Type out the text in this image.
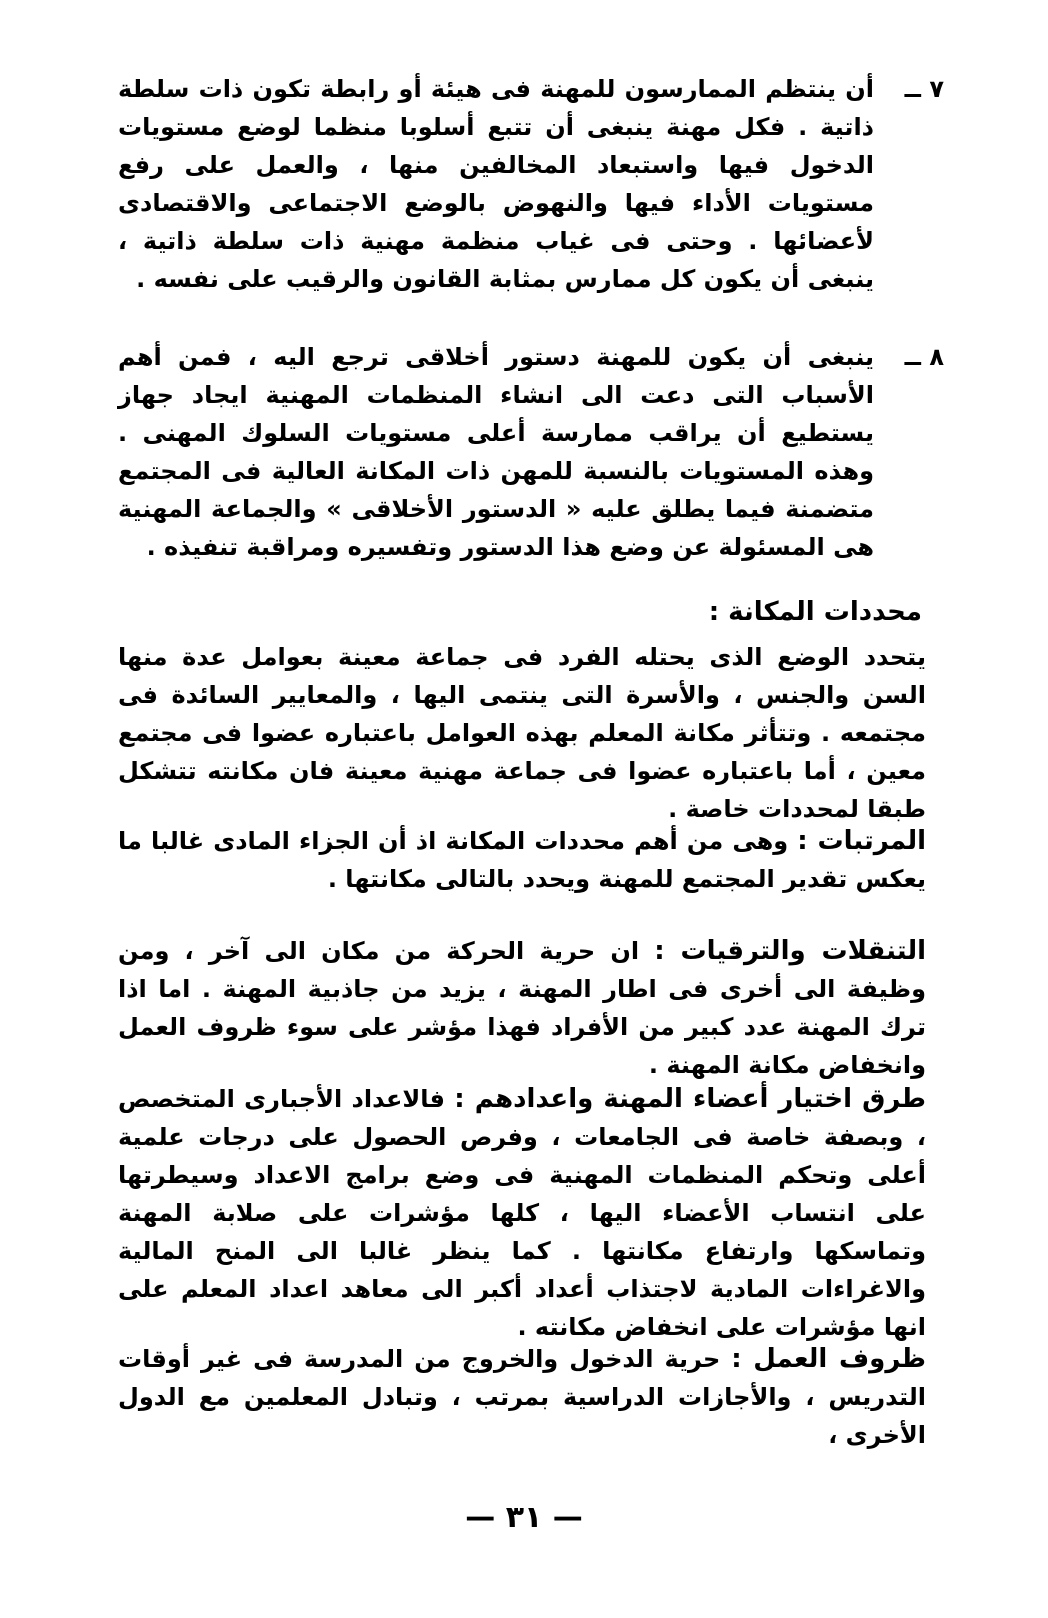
٧ ــ
أن ينتظم الممارسون للمهنة فى هيئة أو رابطة تكون ذات سلطة ذاتية . فكل مهنة ينبغى أن تتبع أسلوبا منظما لوضع مستويات الدخول فيها واستبعاد المخالفين منها ، والعمل على رفع مستويات الأداء فيها والنهوض بالوضع الاجتماعى والاقتصادى لأعضائها . وحتى فى غياب منظمة مهنية ذات سلطة ذاتية ، ينبغى أن يكون كل ممارس بمثابة القانون والرقيب على نفسه .
٨ ــ
ينبغى أن يكون للمهنة دستور أخلاقى ترجع اليه ، فمن أهم الأسباب التى دعت الى انشاء المنظمات المهنية ايجاد جهاز يستطيع أن يراقب ممارسة أعلى مستويات السلوك المهنى . وهذه المستويات بالنسبة للمهن ذات المكانة العالية فى المجتمع متضمنة فيما يطلق عليه « الدستور الأخلاقى » والجماعة المهنية هى المسئولة عن وضع هذا الدستور وتفسيره ومراقبة تنفيذه .
محددات المكانة :
يتحدد الوضع الذى يحتله الفرد فى جماعة معينة بعوامل عدة منها السن والجنس ، والأسرة التى ينتمى اليها ، والمعايير السائدة فى مجتمعه . وتتأثر مكانة المعلم بهذه العوامل باعتباره عضوا فى مجتمع معين ، أما باعتباره عضوا فى جماعة مهنية معينة فان مكانته تتشكل طبقا لمحددات خاصة .
المرتبات : وهى من أهم محددات المكانة اذ أن الجزاء المادى غالبا ما يعكس تقدير المجتمع للمهنة ويحدد بالتالى مكانتها .
التنقلات والترقيات : ان حرية الحركة من مكان الى آخر ، ومن وظيفة الى أخرى فى اطار المهنة ، يزيد من جاذبية المهنة . اما اذا ترك المهنة عدد كبير من الأفراد فهذا مؤشر على سوء ظروف العمل وانخفاض مكانة المهنة .
طرق اختيار أعضاء المهنة واعدادهم : فالاعداد الأجبارى المتخصص ، وبصفة خاصة فى الجامعات ، وفرص الحصول على درجات علمية أعلى وتحكم المنظمات المهنية فى وضع برامج الاعداد وسيطرتها على انتساب الأعضاء اليها ، كلها مؤشرات على صلابة المهنة وتماسكها وارتفاع مكانتها . كما ينظر غالبا الى المنح المالية والاغراءات المادية لاجتذاب أعداد أكبر الى معاهد اعداد المعلم على انها مؤشرات على انخفاض مكانته .
ظروف العمل : حرية الدخول والخروج من المدرسة فى غير أوقات التدريس ، والأجازات الدراسية بمرتب ، وتبادل المعلمين مع الدول الأخرى ،
— ٣١ —
